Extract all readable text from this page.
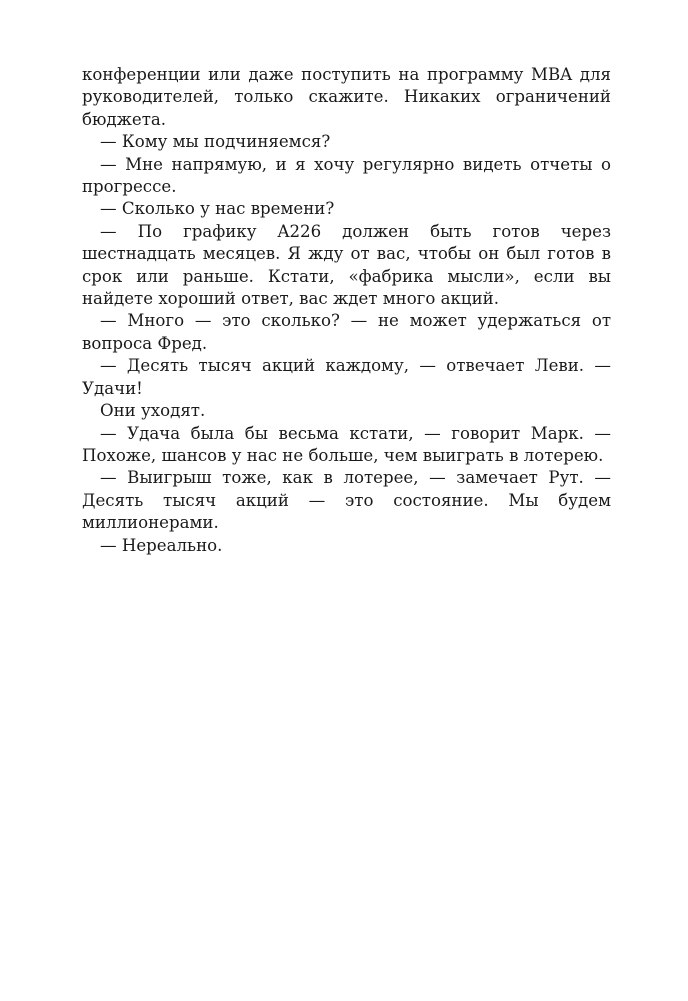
конференции или даже поступить на программу MBA для руководителей, только скажите. Никаких ограничений бюджета.

— Кому мы подчиняемся?

— Мне напрямую, и я хочу регулярно видеть отчеты о прогрессе.

— Сколько у нас времени?

— По графику A226 должен быть готов через шестнадцать месяцев. Я жду от вас, чтобы он был готов в срок или раньше. Кстати, «фабрика мысли», если вы найдете хороший ответ, вас ждет много акций.

— Много — это сколько? — не может удержаться от вопроса Фред.

— Десять тысяч акций каждому, — отвечает Леви. — Удачи!

Они уходят.

— Удача была бы весьма кстати, — говорит Марк. — Похоже, шансов у нас не больше, чем выиграть в лотерею.

— Выигрыш тоже, как в лотерее, — замечает Рут. — Десять тысяч акций — это состояние. Мы будем миллионерами.

— Нереально.
